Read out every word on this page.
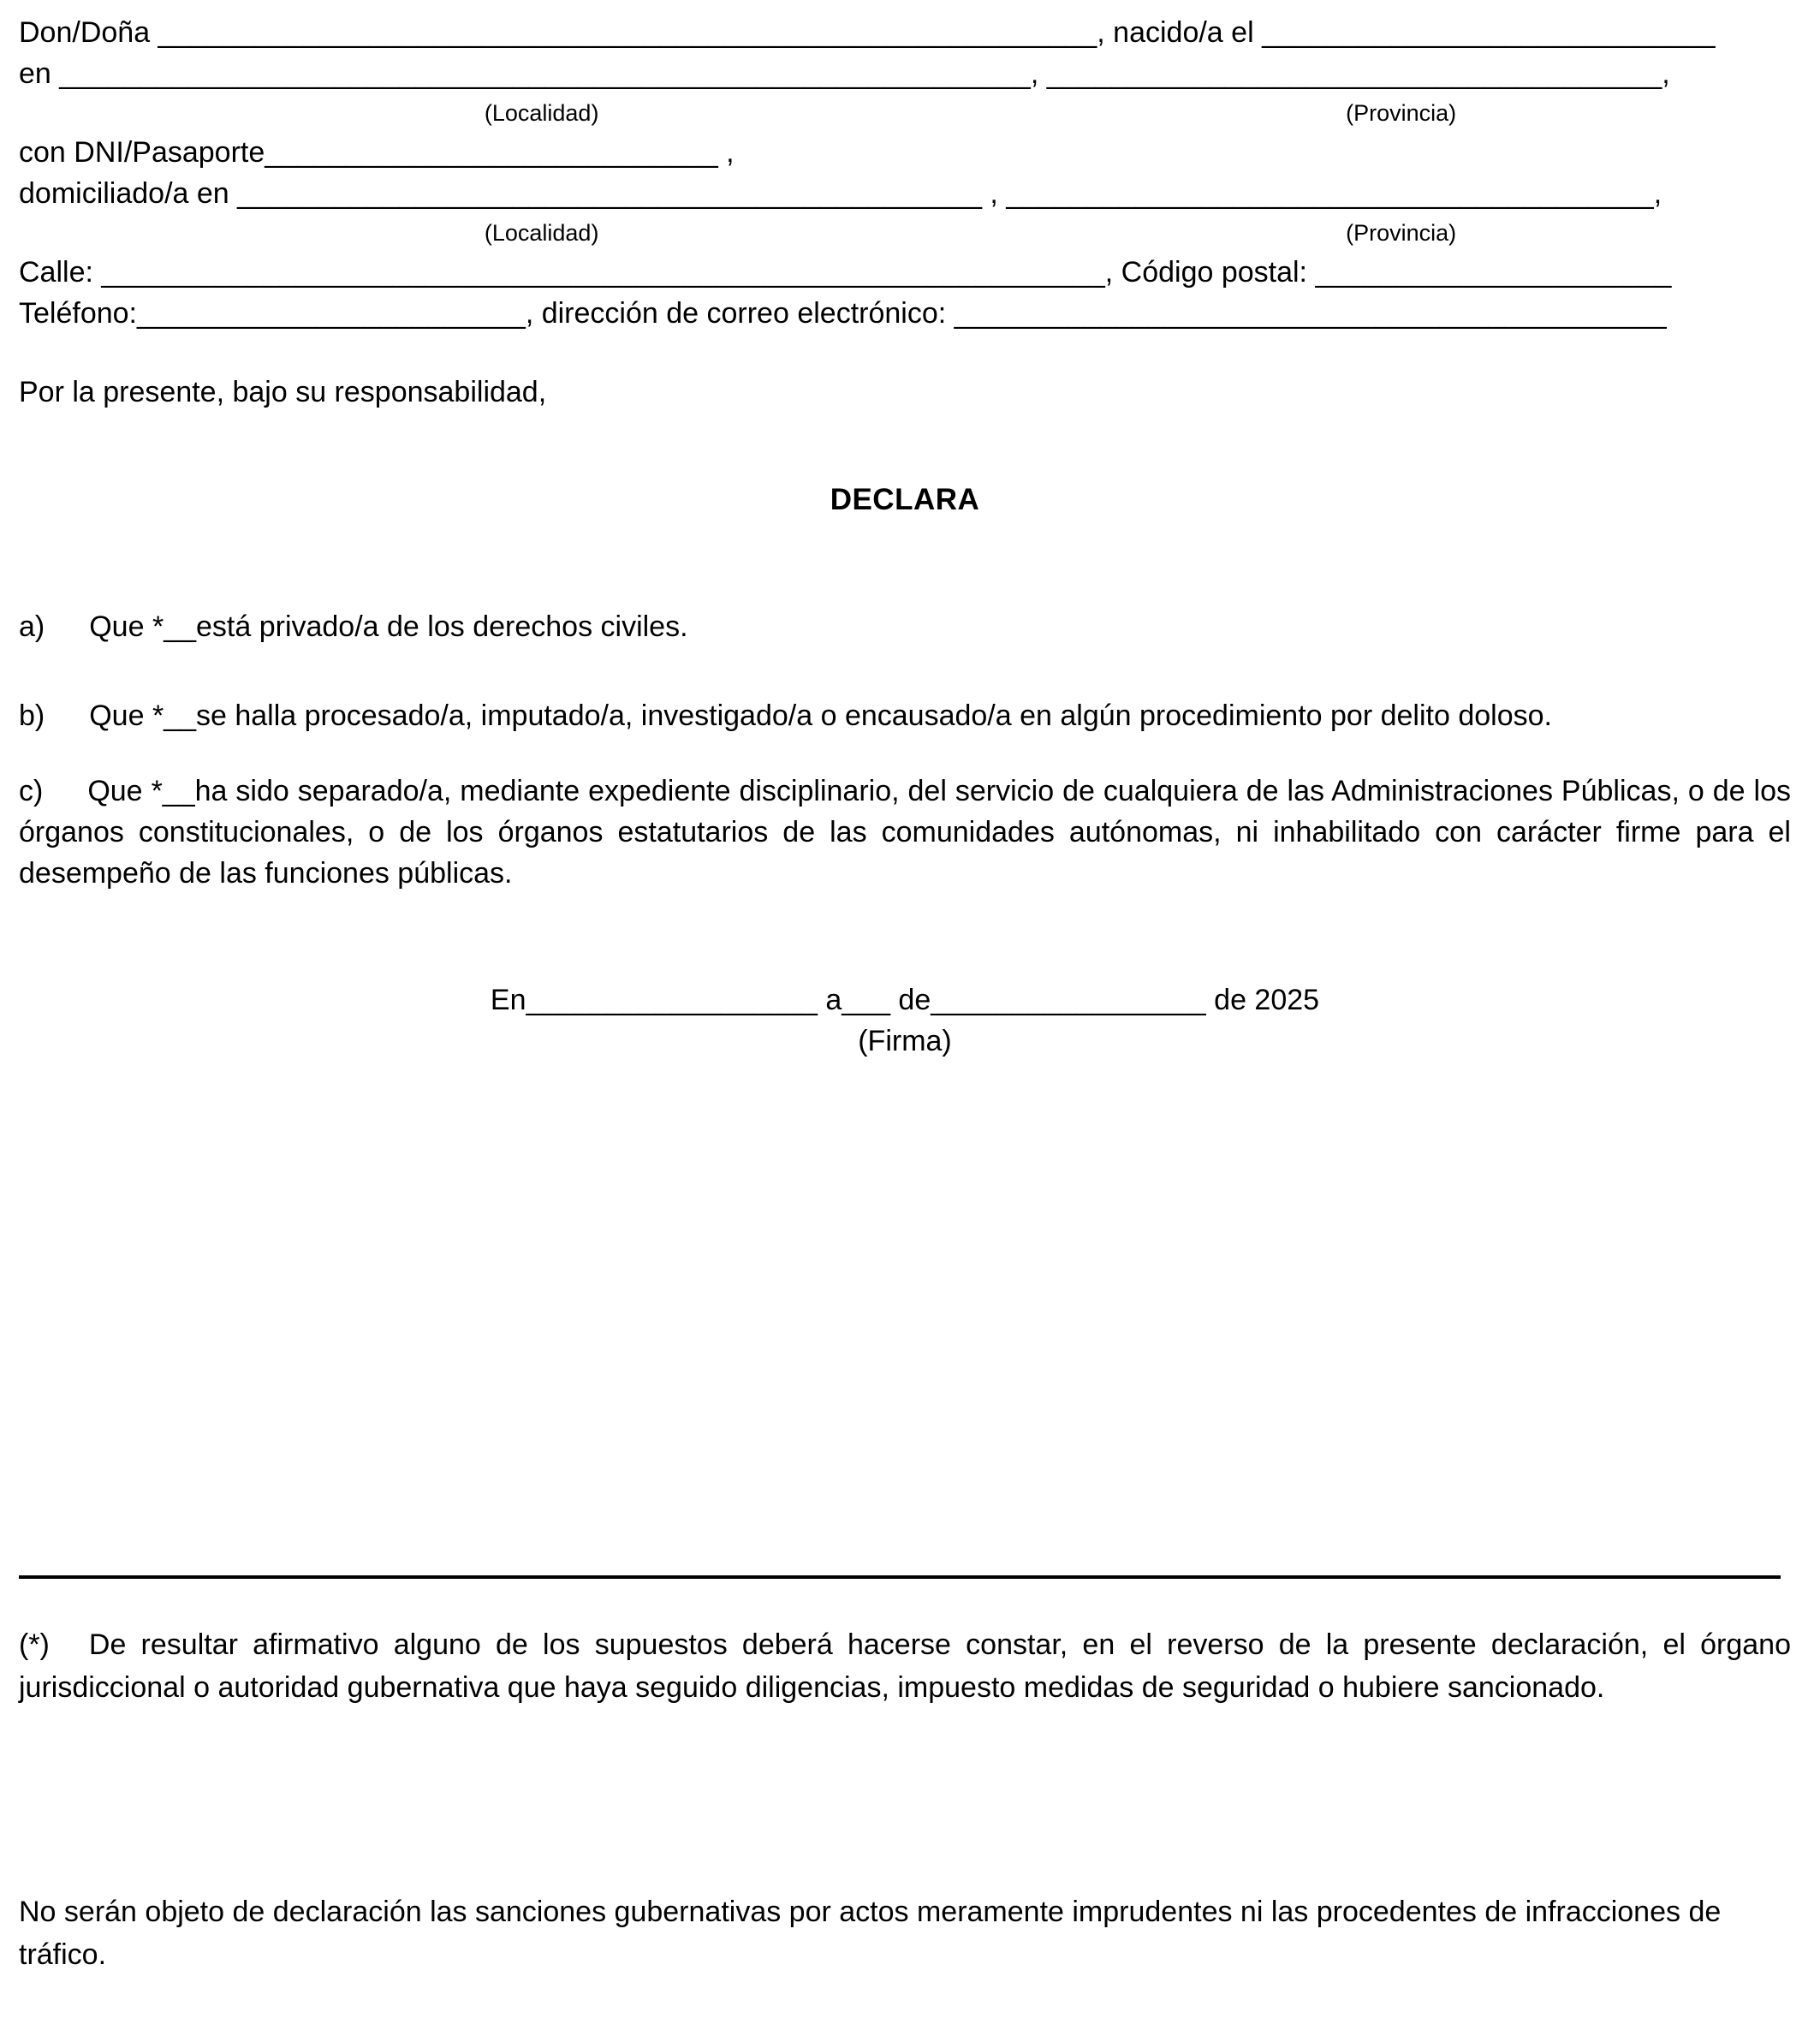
Don/Doña __________________________________________________________, nacido/a el ____________________________
en ____________________________________________________________, ______________________________________,
(Localidad)	(Provincia)
con DNI/Pasaporte____________________________ ,
domiciliado/a en ______________________________________________ , ________________________________________,
(Localidad)	(Provincia)
Calle: ______________________________________________________________, Código postal: ______________________
Teléfono:________________________, dirección de correo electrónico: ____________________________________________

Por la presente, bajo su responsabilidad,

DECLARA

a) Que *__está privado/a de los derechos civiles.

b) Que *__se halla procesado/a, imputado/a, investigado/a o encausado/a en algún procedimiento por delito doloso.

c) Que *__ha sido separado/a, mediante expediente disciplinario, del servicio de cualquiera de las Administraciones Públicas, o de los órganos constitucionales, o de los órganos estatutarios de las comunidades autónomas, ni inhabilitado con carácter firme para el desempeño de las funciones públicas.

En__________________ a___ de_________________ de 2025
(Firma)

(*) De resultar afirmativo alguno de los supuestos deberá hacerse constar, en el reverso de la presente declaración, el órgano jurisdiccional o autoridad gubernativa que haya seguido diligencias, impuesto medidas de seguridad o hubiere sancionado.

No serán objeto de declaración las sanciones gubernativas por actos meramente imprudentes ni las procedentes de infracciones de tráfico.
